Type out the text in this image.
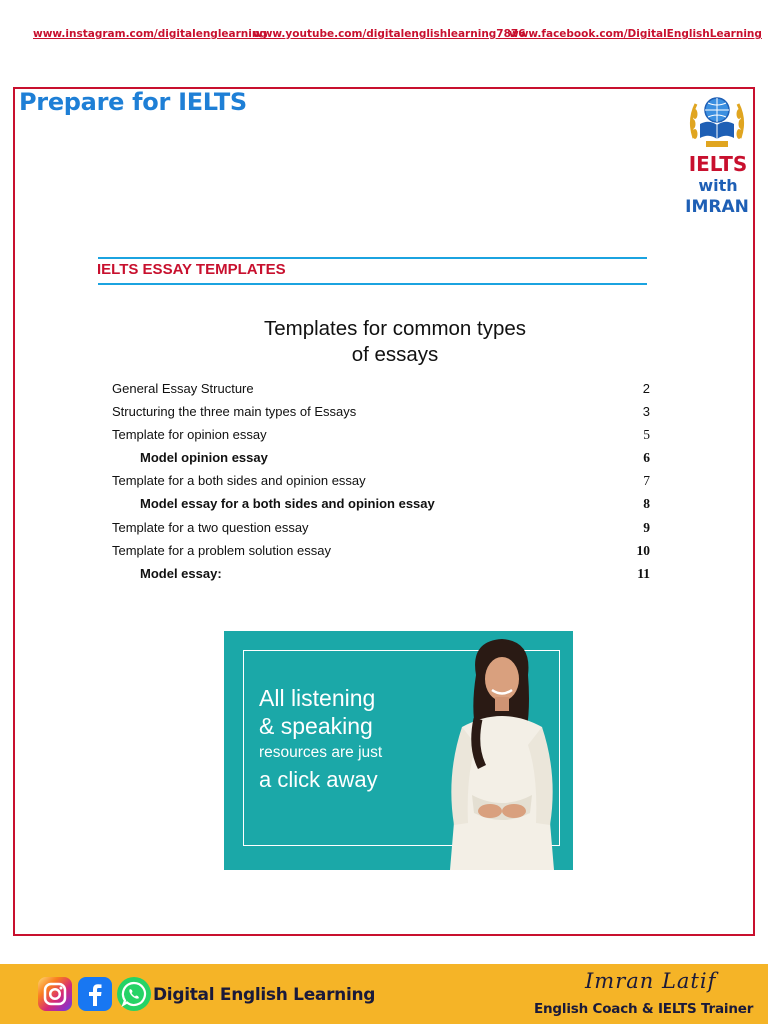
www.instagram.com/digitalenglearning
www.youtube.com/digitalenglishlearning7876
www.facebook.com/DigitalEnglishLearning
Prepare for IELTS
IELTS
with
IMRAN
IELTS ESSAY TEMPLATES
Templates for common types
of essays
General Essay Structure	2
Structuring the three main types of Essays	3
Template for opinion essay	5
Model opinion essay	6
Template for a both sides and opinion essay	7
Model essay for a both sides and opinion essay	8
Template for a two question essay	9
Template for a problem solution essay	10
Model essay:	11
All listening
& speaking
resources are just
a click away
Digital English Learning
Imran Latif
English Coach & IELTS Trainer
